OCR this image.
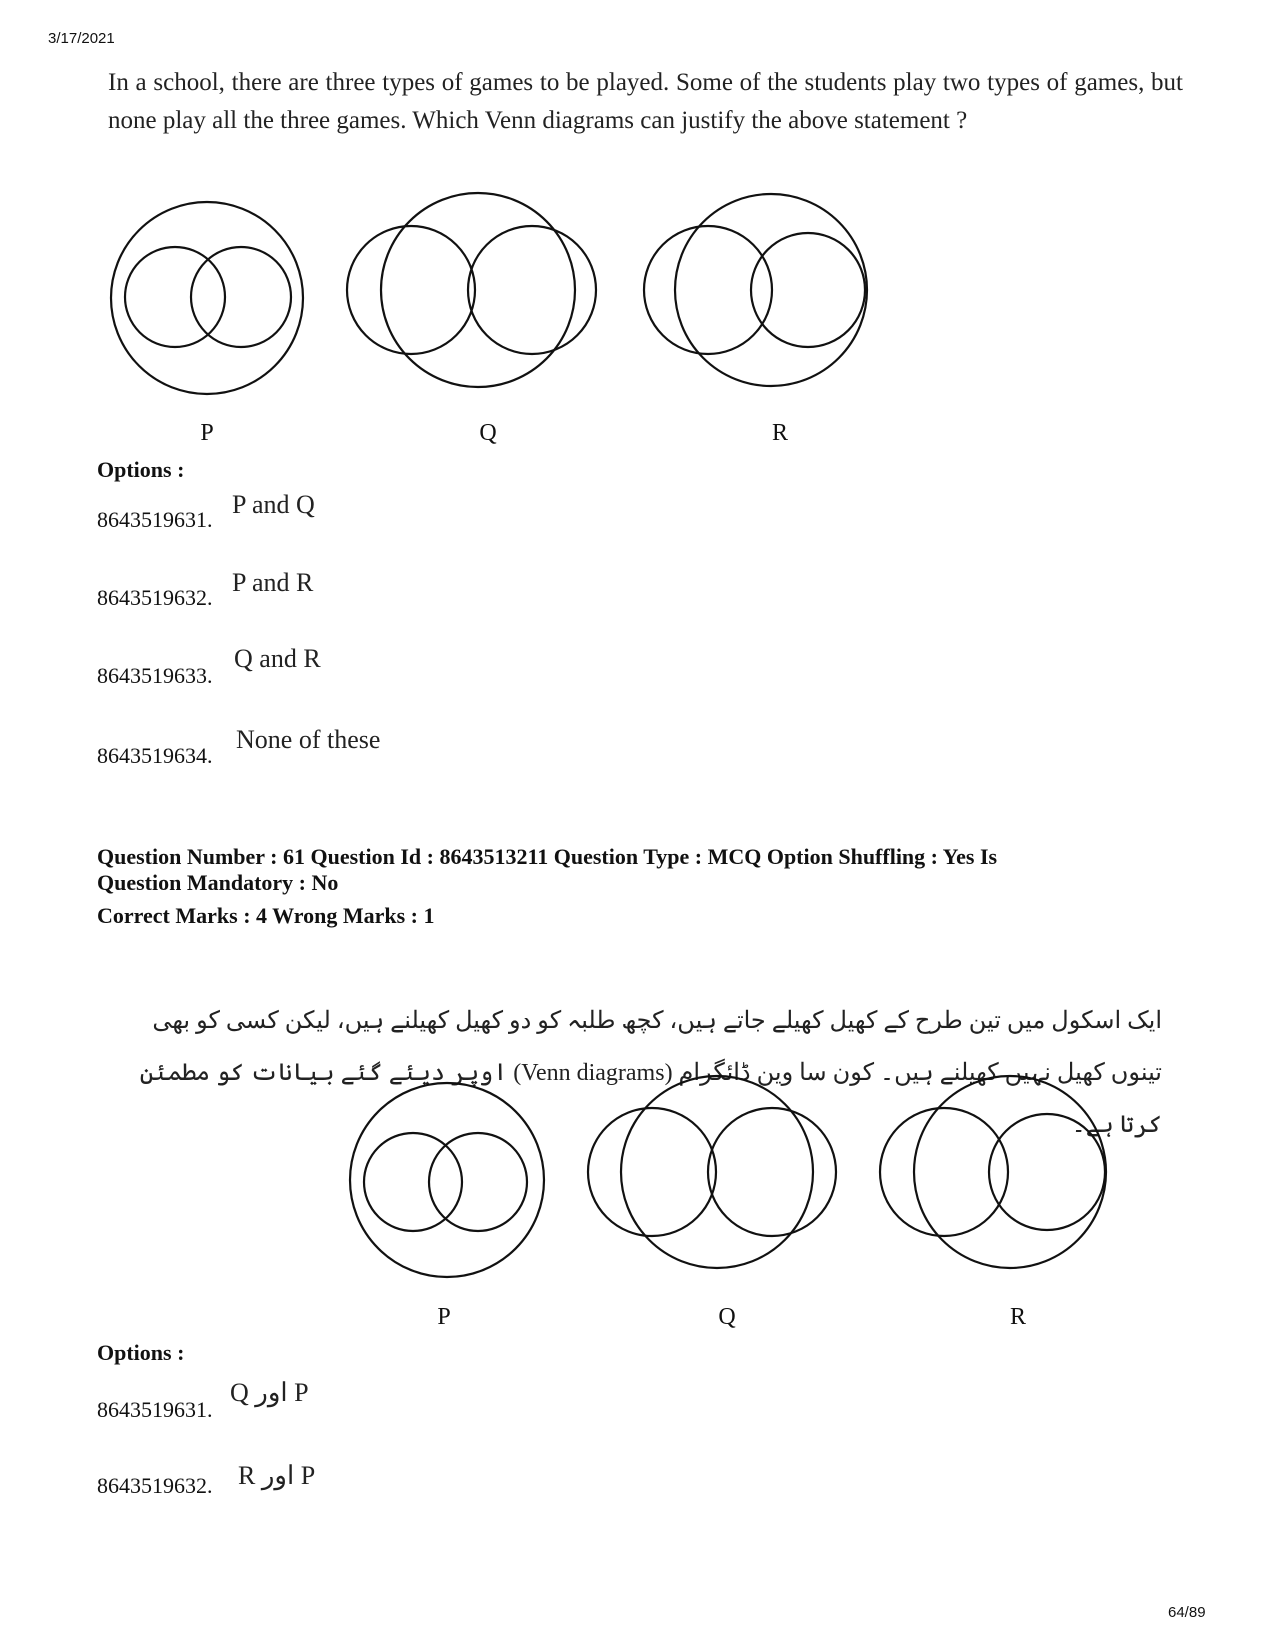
3/17/2021
In a school, there are three types of games to be played. Some of the students play two types of games, but none play all the three games. Which Venn diagrams can justify the above statement ?
P	Q	R
Options :
8643519631.
P and Q
8643519632.
P and R
8643519633.
Q and R
8643519634.
None of these
Question Number : 61 Question Id : 8643513211 Question Type : MCQ Option Shuffling : Yes Is
Question Mandatory : No
Correct Marks : 4 Wrong Marks : 1
ایک اسکول میں تین طرح کے کھیل کھیلے جاتے ہیں، کچھ طلبہ کو دو کھیل کھیلنے ہیں، لیکن کسی کو بھی تینوں کھیل نہیں کھیلنے ہیں۔ کون سا وین ڈائگرام (Venn diagrams) اوپر دیئے گئے بیانات کو مطمئن کرتا ہے۔
P	Q	R
Options :
8643519631.
Q اور P
8643519632. R اور P
64/89
